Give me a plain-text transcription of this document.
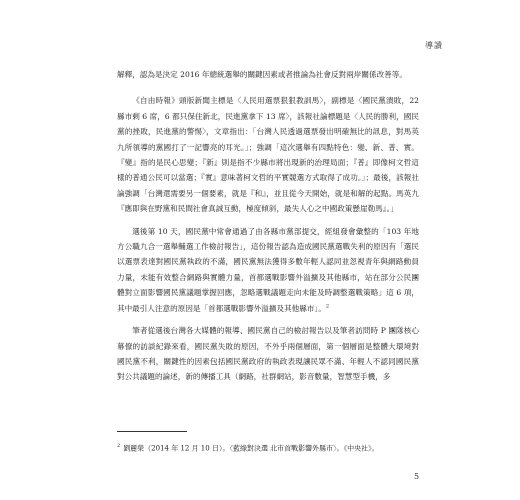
導讀

解釋，認為是決定 2016 年總統選舉的關鍵因素或者推論為社會反對兩岸關係改善等。

《自由時報》頭版新聞主標是〈人民用選票狠狠教訓馬〉，副標是〈國民黨潰敗，22 縣市剩 6 席，6 都只保住新北，民進黨拿下 13 席〉，該報社論標題是〈人民的勝利，國民黨的挫敗，民進黨的警惕〉，文章指出：「台灣人民透過選票發出明確無比的訊息，對馬英九所領導的黨國打了一記響亮的耳光。」；強調「這次選舉有四點特色：變、新、普、實。『變』指的是民心思變；『新』則是指不少縣市將出現新的治理局面；『普』即像柯文哲這樣的普通公民可以當選；『實』意味著柯文哲的平實競選方式取得了成功。」；最後，該報社論強調「台灣還需要另一個要素，就是『和』，並且從今天開始，就是和解的起點。馬英九『應即與在野黨和民間社會真誠互動，極度傾斜，最失人心之中國政策懸崖勒馬』。」

選後第 10 天，國民黨中常會通過了由各縣市黨部提交，經組發會彙整的「103 年地方公職九合一選舉輔選工作檢討報告」，這份報告認為造成國民黨選戰失利的原因有「選民以選票表達對國民黨執政的不滿，國民黨無法獲得多數年輕人認同並忽視青年與網路動員力量，未能有效整合網路與實體力量，首都選戰影響外溢擴及其他縣市，站在部分公民團體對立面影響國民黨議題掌握回應，忽略選戰議題走向未能及時調整選戰策略」這 6 項，其中最引人注意的原因是「首都選戰影響外溢擴及其他縣市」。$^2$

筆者從選後台灣各大媒體的報導、國民黨自己的檢討報告以及筆者訪問時 P 團隊核心幕僚的訪談紀錄來看，國民黨失敗的原因，不外乎兩個層面，第一個層面是整體大環境對國民黨不利，關鍵性的因素包括國民黨政府的執政表現讓民眾不滿、年輕人不認同國民黨對公共議題的論述，新的傳播工具（網路，社群網站，影音數量，智慧型手機，多

$^2$ 劉麗榮（2014 年 12 月 10 日）。〈藍綠對決選 北市首戰影響外縣市〉。《中央社》。
5
